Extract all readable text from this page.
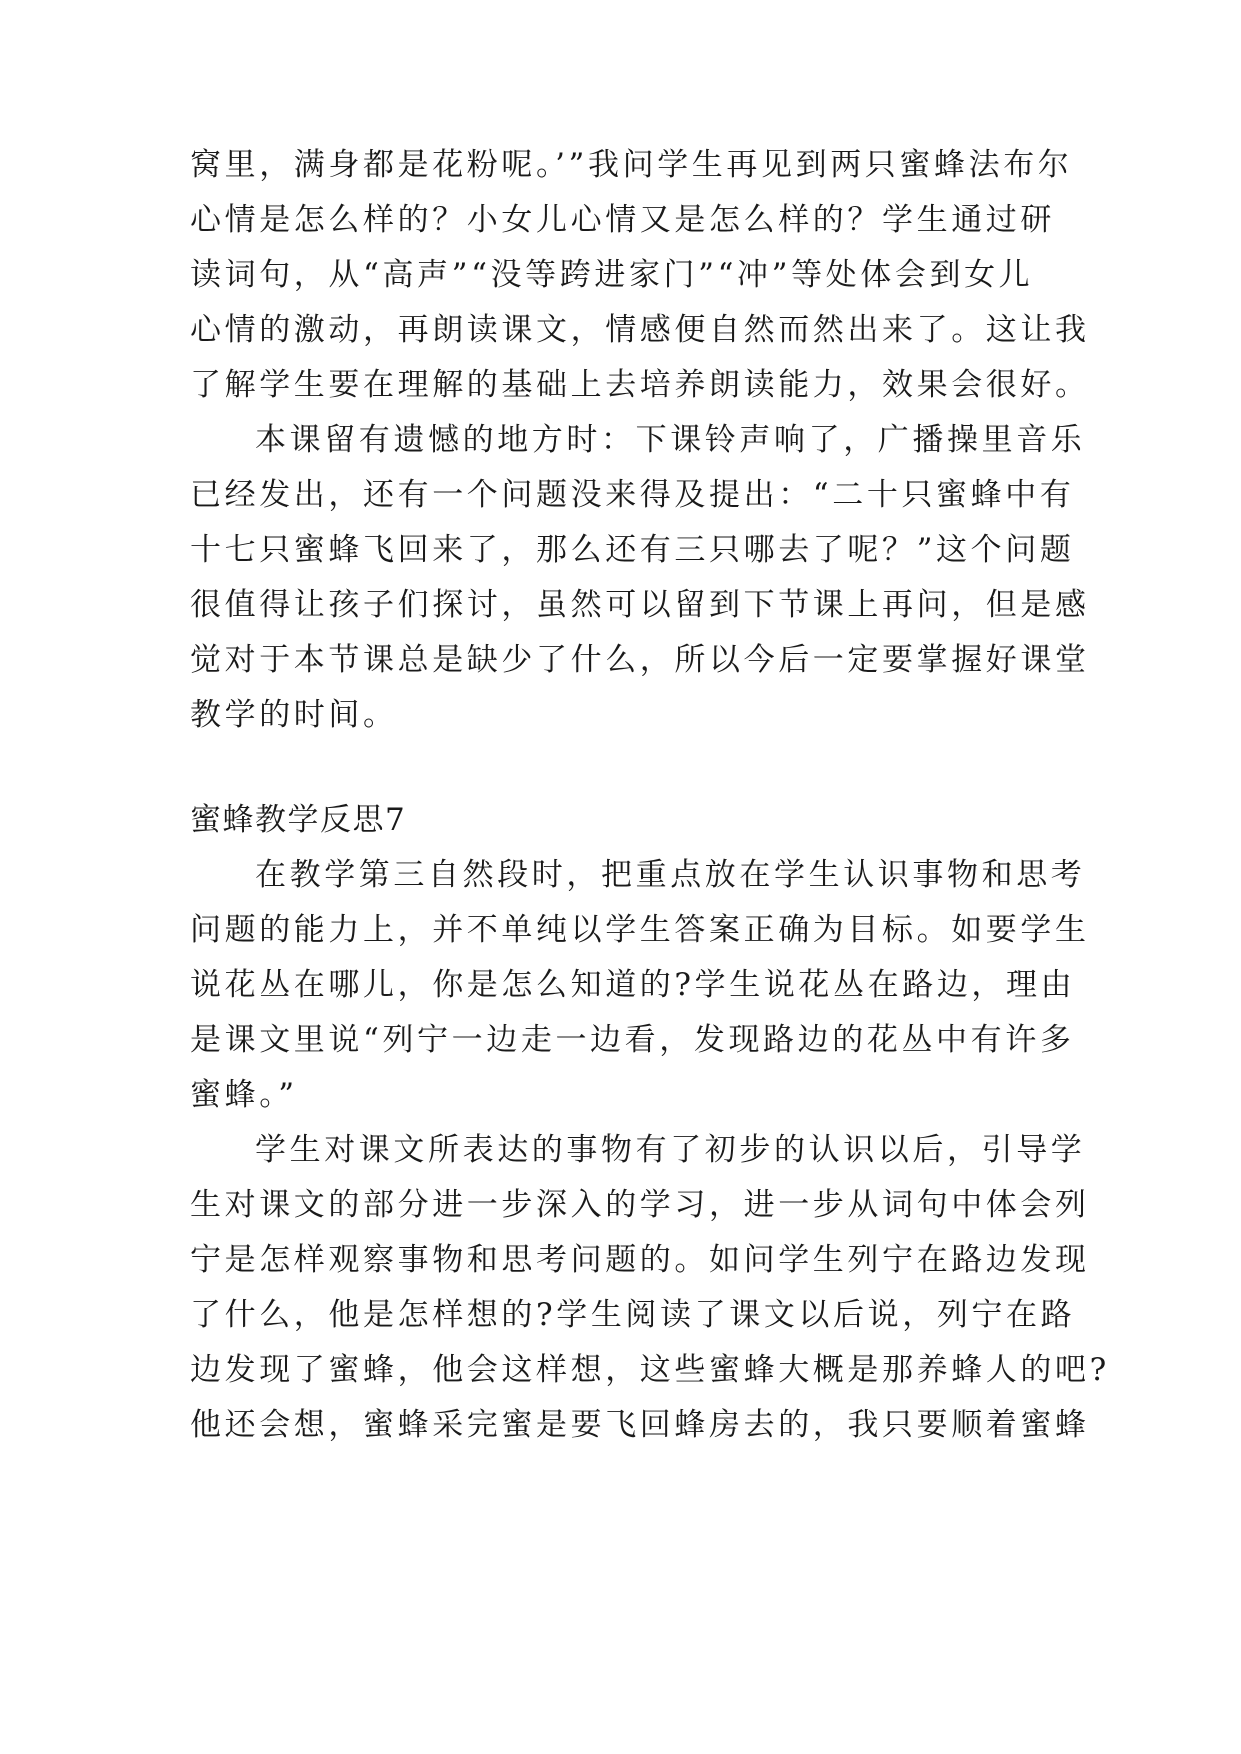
窝里，满身都是花粉呢。’”我问学生再见到两只蜜蜂法布尔
心情是怎么样的？小女儿心情又是怎么样的？学生通过研
读词句，从“高声”“没等跨进家门”“冲”等处体会到女儿
心情的激动，再朗读课文，情感便自然而然出来了。这让我
了解学生要在理解的基础上去培养朗读能力，效果会很好。
本课留有遗憾的地方时：下课铃声响了，广播操里音乐
已经发出，还有一个问题没来得及提出：“二十只蜜蜂中有
十七只蜜蜂飞回来了，那么还有三只哪去了呢？”这个问题
很值得让孩子们探讨，虽然可以留到下节课上再问，但是感
觉对于本节课总是缺少了什么，所以今后一定要掌握好课堂
教学的时间。
蜜蜂教学反思7
在教学第三自然段时，把重点放在学生认识事物和思考
问题的能力上，并不单纯以学生答案正确为目标。如要学生
说花丛在哪儿，你是怎么知道的?学生说花丛在路边，理由
是课文里说“列宁一边走一边看，发现路边的花丛中有许多
蜜蜂。”
学生对课文所表达的事物有了初步的认识以后，引导学
生对课文的部分进一步深入的学习，进一步从词句中体会列
宁是怎样观察事物和思考问题的。如问学生列宁在路边发现
了什么，他是怎样想的?学生阅读了课文以后说，列宁在路
边发现了蜜蜂，他会这样想，这些蜜蜂大概是那养蜂人的吧?
他还会想，蜜蜂采完蜜是要飞回蜂房去的，我只要顺着蜜蜂
